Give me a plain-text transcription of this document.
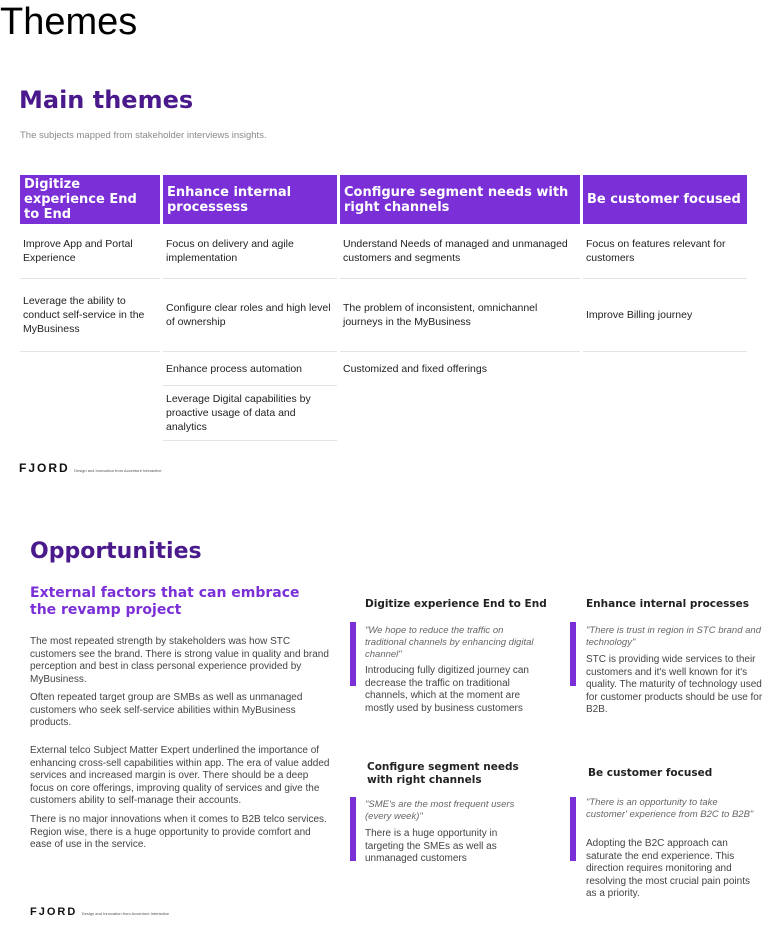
Themes
Main themes
The subjects mapped from stakeholder interviews insights.
Digitize experience End to End	Enhance internal processess	Configure segment needs with right channels	Be customer focused
Improve App and Portal Experience	Focus on delivery and agile implementation	Understand Needs of managed and unmanaged customers and segments	Focus on features relevant for customers
Leverage the ability to conduct self-service in the MyBusiness	Configure clear roles and high level of ownership	The problem of inconsistent, omnichannel journeys in the MyBusiness	Improve Billing journey
	Enhance process automation	Customized and fixed offerings	
	Leverage Digital capabilities by proactive usage of data and analytics		
FJORD Design and Innovation from Accenture Interactive
Opportunities
External factors that can embrace the revamp project
The most repeated strength by stakeholders was how STC customers see the brand. There is strong value in quality and brand perception and best in class personal experience provided by MyBusiness.
Often repeated target group are SMBs as well as unmanaged customers who seek self-service abilities within MyBusiness products.
External telco Subject Matter Expert underlined the importance of enhancing cross-sell capabilities within app. The era of value added services and increased margin is over. There should be a deep focus on core offerings, improving quality of services and give the customers ability to self-manage their accounts.
There is no major innovations when it comes to B2B telco services. Region wise, there is a huge opportunity to provide comfort and ease of use in the service.
Digitize experience End to End
"We hope to reduce the traffic on traditional channels by enhancing digital channel"
Introducing fully digitized journey can decrease the traffic on traditional channels, which at the moment are mostly used by business customers
Enhance internal processes
"There is trust in region in STC brand and technology"
STC is providing wide services to their customers and it's well known for it's quality. The maturity of technology used for customer products should be use for B2B.
Configure segment needs with right channels
"SME's are the most frequent users (every week)"
There is a huge opportunity in targeting the SMEs as well as unmanaged customers
Be customer focused
"There is an opportunity to take customer' experience from B2C to B2B"
Adopting the B2C approach can saturate the end experience. This direction requires monitoring and resolving the most crucial pain points as a priority.
FJORD Design and Innovation from Accenture Interactive
